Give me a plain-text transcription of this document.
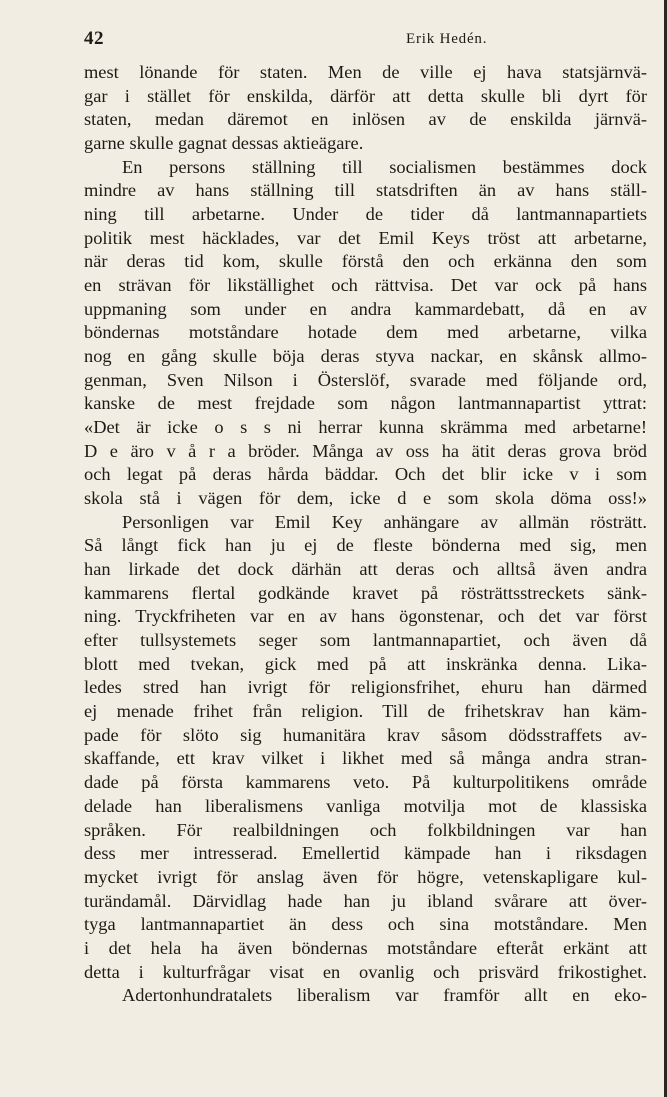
42	Erik Hedén.
mest lönande för staten. Men de ville ej hava statsjärnvä-
gar i stället för enskilda, därför att detta skulle bli dyrt för
staten, medan däremot en inlösen av de enskilda järnvä-
garne skulle gagnat dessas aktieägare.
En persons ställning till socialismen bestämmes dock
mindre av hans ställning till statsdriften än av hans ställ-
ning till arbetarne. Under de tider då lantmannapartiets
politik mest häcklades, var det Emil Keys tröst att arbetarne,
när deras tid kom, skulle förstå den och erkänna den som
en strävan för likställighet och rättvisa. Det var ock på hans
uppmaning som under en andra kammardebatt, då en av
böndernas motståndare hotade dem med arbetarne, vilka
nog en gång skulle böja deras styva nackar, en skånsk allmo-
genman, Sven Nilson i Österslöf, svarade med följande ord,
kanske de mest frejdade som någon lantmannapartist yttrat:
«Det är icke o s s ni herrar kunna skrämma med arbetarne!
D e äro v å r a bröder. Många av oss ha ätit deras grova bröd
och legat på deras hårda bäddar. Och det blir icke v i som
skola stå i vägen för dem, icke d e som skola döma oss!»
Personligen var Emil Key anhängare av allmän rösträtt.
Så långt fick han ju ej de fleste bönderna med sig, men
han lirkade det dock därhän att deras och alltså även andra
kammarens flertal godkände kravet på rösträttsstreckets sänk-
ning. Tryckfriheten var en av hans ögonstenar, och det var först
efter tullsystemets seger som lantmannapartiet, och även då
blott med tvekan, gick med på att inskränka denna. Lika-
ledes stred han ivrigt för religionsfrihet, ehuru han därmed
ej menade frihet från religion. Till de frihetskrav han käm-
pade för slöto sig humanitära krav såsom dödsstraffets av-
skaffande, ett krav vilket i likhet med så många andra stran-
dade på första kammarens veto. På kulturpolitikens område
delade han liberalismens vanliga motvilja mot de klassiska
språken. För realbildningen och folkbildningen var han
dess mer intresserad. Emellertid kämpade han i riksdagen
mycket ivrigt för anslag även för högre, vetenskapligare kul-
turändamål. Därvidlag hade han ju ibland svårare att över-
tyga lantmannapartiet än dess och sina motståndare. Men
i det hela ha även böndernas motståndare efteråt erkänt att
detta i kulturfrågar visat en ovanlig och prisvärd frikostighet.
Adertonhundratalets liberalism var framför allt en eko-
